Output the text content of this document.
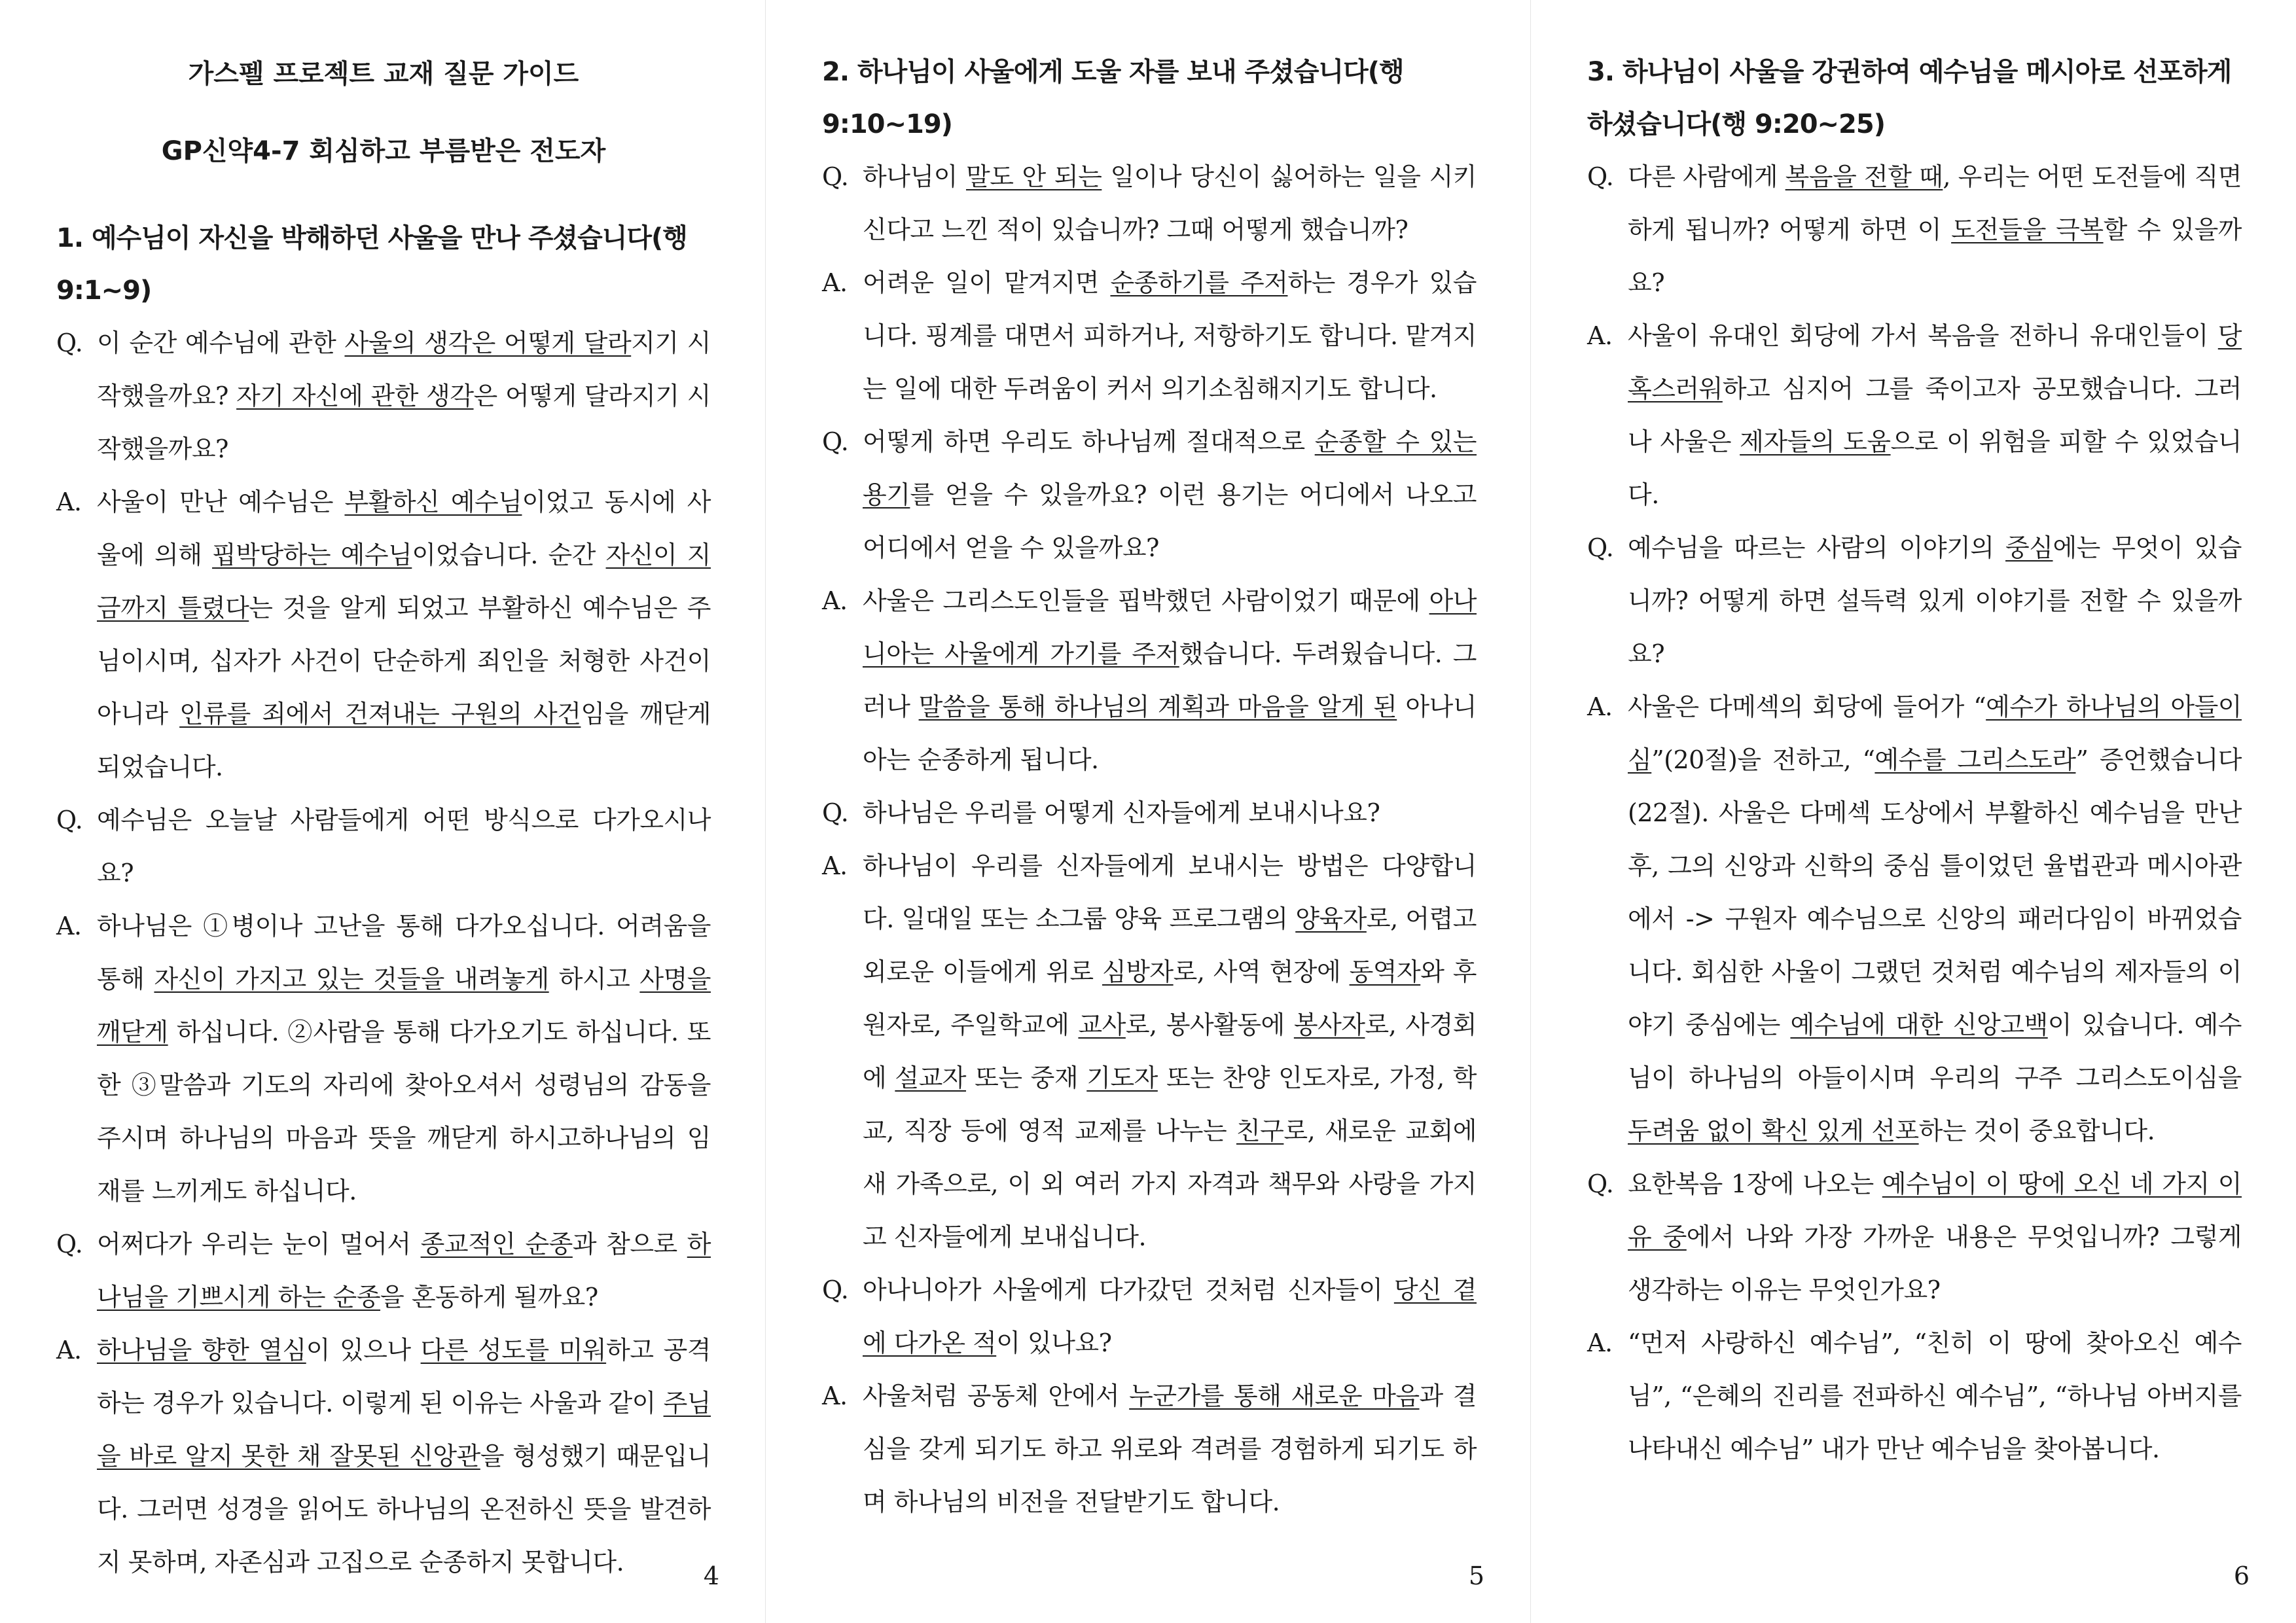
가스펠 프로젝트 교재 질문 가이드
GP신약4-7 회심하고 부름받은 전도자
1. 예수님이 자신을 박해하던 사울을 만나 주셨습니다(행 9:1~9)
Q. 이 순간 예수님에 관한 사울의 생각은 어떻게 달라지기 시작했을까요? 자기 자신에 관한 생각은 어떻게 달라지기 시작했을까요?
A. 사울이 만난 예수님은 부활하신 예수님이었고 동시에 사울에 의해 핍박당하는 예수님이었습니다. 순간 자신이 지금까지 틀렸다는 것을 알게 되었고 부활하신 예수님은 주님이시며, 십자가 사건이 단순하게 죄인을 처형한 사건이 아니라 인류를 죄에서 건져내는 구원의 사건임을 깨닫게 되었습니다.
Q. 예수님은 오늘날 사람들에게 어떤 방식으로 다가오시나요?
A. 하나님은 ①병이나 고난을 통해 다가오십니다. 어려움을 통해 자신이 가지고 있는 것들을 내려놓게 하시고 사명을 깨닫게 하십니다. ②사람을 통해 다가오기도 하십니다. 또한 ③말씀과 기도의 자리에 찾아오셔서 성령님의 감동을 주시며 하나님의 마음과 뜻을 깨닫게 하시고하나님의 임재를 느끼게도 하십니다.
Q. 어쩌다가 우리는 눈이 멀어서 종교적인 순종과 참으로 하나님을 기쁘시게 하는 순종을 혼동하게 될까요?
A. 하나님을 향한 열심이 있으나 다른 성도를 미워하고 공격하는 경우가 있습니다. 이렇게 된 이유는 사울과 같이 주님을 바로 알지 못한 채 잘못된 신앙관을 형성했기 때문입니다. 그러면 성경을 읽어도 하나님의 온전하신 뜻을 발견하지 못하며, 자존심과 고집으로 순종하지 못합니다.	4
2. 하나님이 사울에게 도울 자를 보내 주셨습니다(행 9:10~19)
Q. 하나님이 말도 안 되는 일이나 당신이 싫어하는 일을 시키신다고 느낀 적이 있습니까? 그때 어떻게 했습니까?
A. 어려운 일이 맡겨지면 순종하기를 주저하는 경우가 있습니다. 핑계를 대면서 피하거나, 저항하기도 합니다. 맡겨지는 일에 대한 두려움이 커서 의기소침해지기도 합니다.
Q. 어떻게 하면 우리도 하나님께 절대적으로 순종할 수 있는 용기를 얻을 수 있을까요? 이런 용기는 어디에서 나오고 어디에서 얻을 수 있을까요?
A. 사울은 그리스도인들을 핍박했던 사람이었기 때문에 아나니아는 사울에게 가기를 주저했습니다. 두려웠습니다. 그러나 말씀을 통해 하나님의 계획과 마음을 알게 된 아나니아는 순종하게 됩니다.
Q. 하나님은 우리를 어떻게 신자들에게 보내시나요?
A. 하나님이 우리를 신자들에게 보내시는 방법은 다양합니다. 일대일 또는 소그룹 양육 프로그램의 양육자로, 어렵고 외로운 이들에게 위로 심방자로, 사역 현장에 동역자와 후원자로, 주일학교에 교사로, 봉사활동에 봉사자로, 사경회에 설교자 또는 중재 기도자 또는 찬양 인도자로, 가정, 학교, 직장 등에 영적 교제를 나누는 친구로, 새로운 교회에새 가족으로, 이 외 여러 가지 자격과 책무와 사랑을 가지고 신자들에게 보내십니다.
Q. 아나니아가 사울에게 다가갔던 것처럼 신자들이 당신 곁에 다가온 적이 있나요?
A. 사울처럼 공동체 안에서 누군가를 통해 새로운 마음과 결심을 갖게 되기도 하고 위로와 격려를 경험하게 되기도 하며 하나님의 비전을 전달받기도 합니다.
5
3. 하나님이 사울을 강권하여 예수님을 메시아로 선포하게 하셨습니다(행 9:20~25)
Q. 다른 사람에게 복음을 전할 때, 우리는 어떤 도전들에 직면하게 됩니까? 어떻게 하면 이 도전들을 극복할 수 있을까요?
A. 사울이 유대인 회당에 가서 복음을 전하니 유대인들이 당혹스러워하고 심지어 그를 죽이고자 공모했습니다. 그러나 사울은 제자들의 도움으로 이 위험을 피할 수 있었습니다.
Q. 예수님을 따르는 사람의 이야기의 중심에는 무엇이 있습니까? 어떻게 하면 설득력 있게 이야기를 전할 수 있을까요?
A. 사울은 다메섹의 회당에 들어가 “예수가 하나님의 아들이심”(20절)을 전하고, “예수를 그리스도라” 증언했습니다(22절). 사울은 다메섹 도상에서 부활하신 예수님을 만난 후, 그의 신앙과 신학의 중심 틀이었던 율법관과 메시아관에서 -> 구원자 예수님으로 신앙의 패러다임이 바뀌었습니다. 회심한 사울이 그랬던 것처럼 예수님의 제자들의 이야기 중심에는 예수님에 대한 신앙고백이 있습니다. 예수님이 하나님의 아들이시며 우리의 구주 그리스도이심을 두려움 없이 확신 있게 선포하는 것이 중요합니다.
Q. 요한복음 1장에 나오는 예수님이 이 땅에 오신 네 가지 이유 중에서 나와 가장 가까운 내용은 무엇입니까? 그렇게 생각하는 이유는 무엇인가요?
A. “먼저 사랑하신 예수님”, “친히 이 땅에 찾아오신 예수님”, “은혜의 진리를 전파하신 예수님”, “하나님 아버지를 나타내신 예수님” 내가 만난 예수님을 찾아봅니다.
6
